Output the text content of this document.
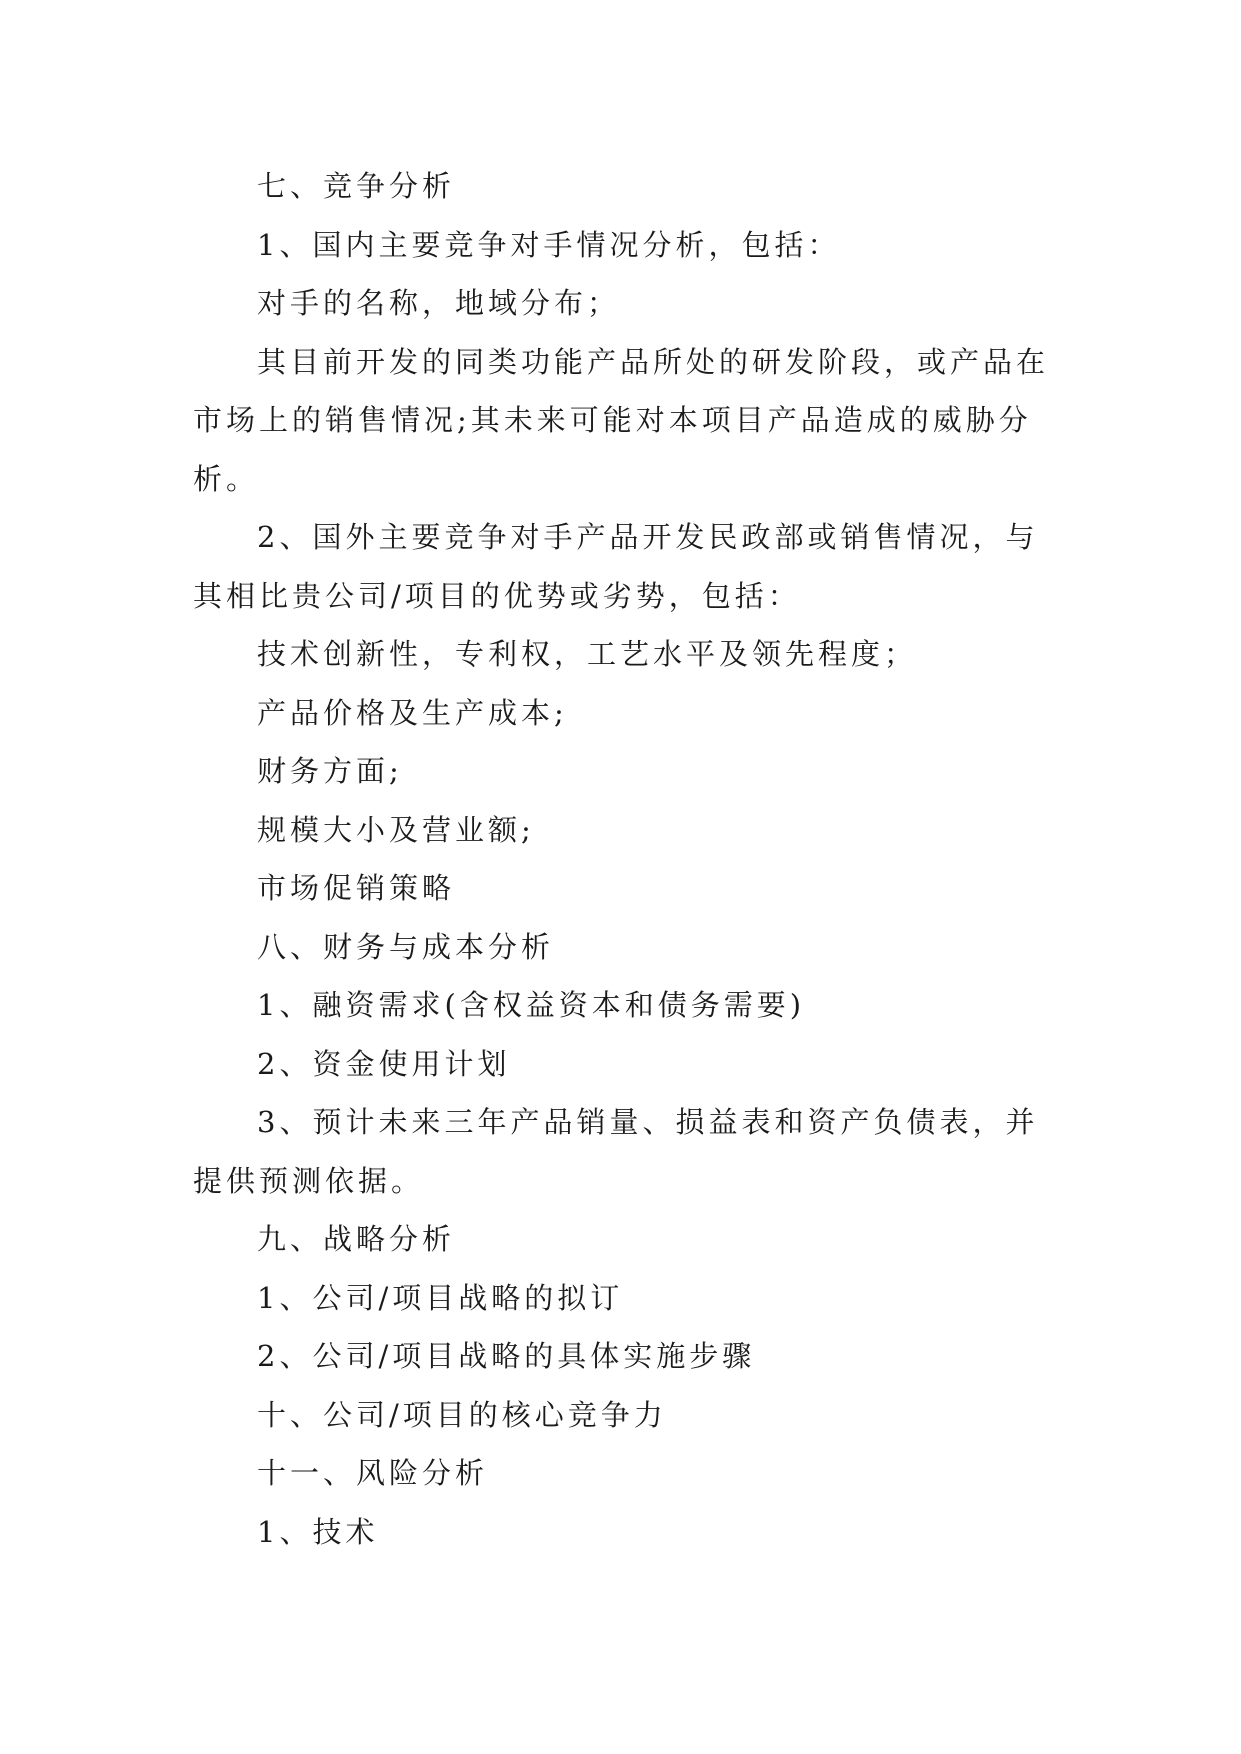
七、竞争分析
1、国内主要竞争对手情况分析，包括：
对手的名称，地域分布；
其目前开发的同类功能产品所处的研发阶段，或产品在
市场上的销售情况;其未来可能对本项目产品造成的威胁分
析。
2、国外主要竞争对手产品开发民政部或销售情况，与
其相比贵公司/项目的优势或劣势，包括：
技术创新性，专利权，工艺水平及领先程度；
产品价格及生产成本;
财务方面;
规模大小及营业额;
市场促销策略
八、财务与成本分析
1、融资需求(含权益资本和债务需要)
2、资金使用计划
3、预计未来三年产品销量、损益表和资产负债表，并
提供预测依据。
九、战略分析
1、公司/项目战略的拟订
2、公司/项目战略的具体实施步骤
十、公司/项目的核心竞争力
十一、风险分析
1、技术
